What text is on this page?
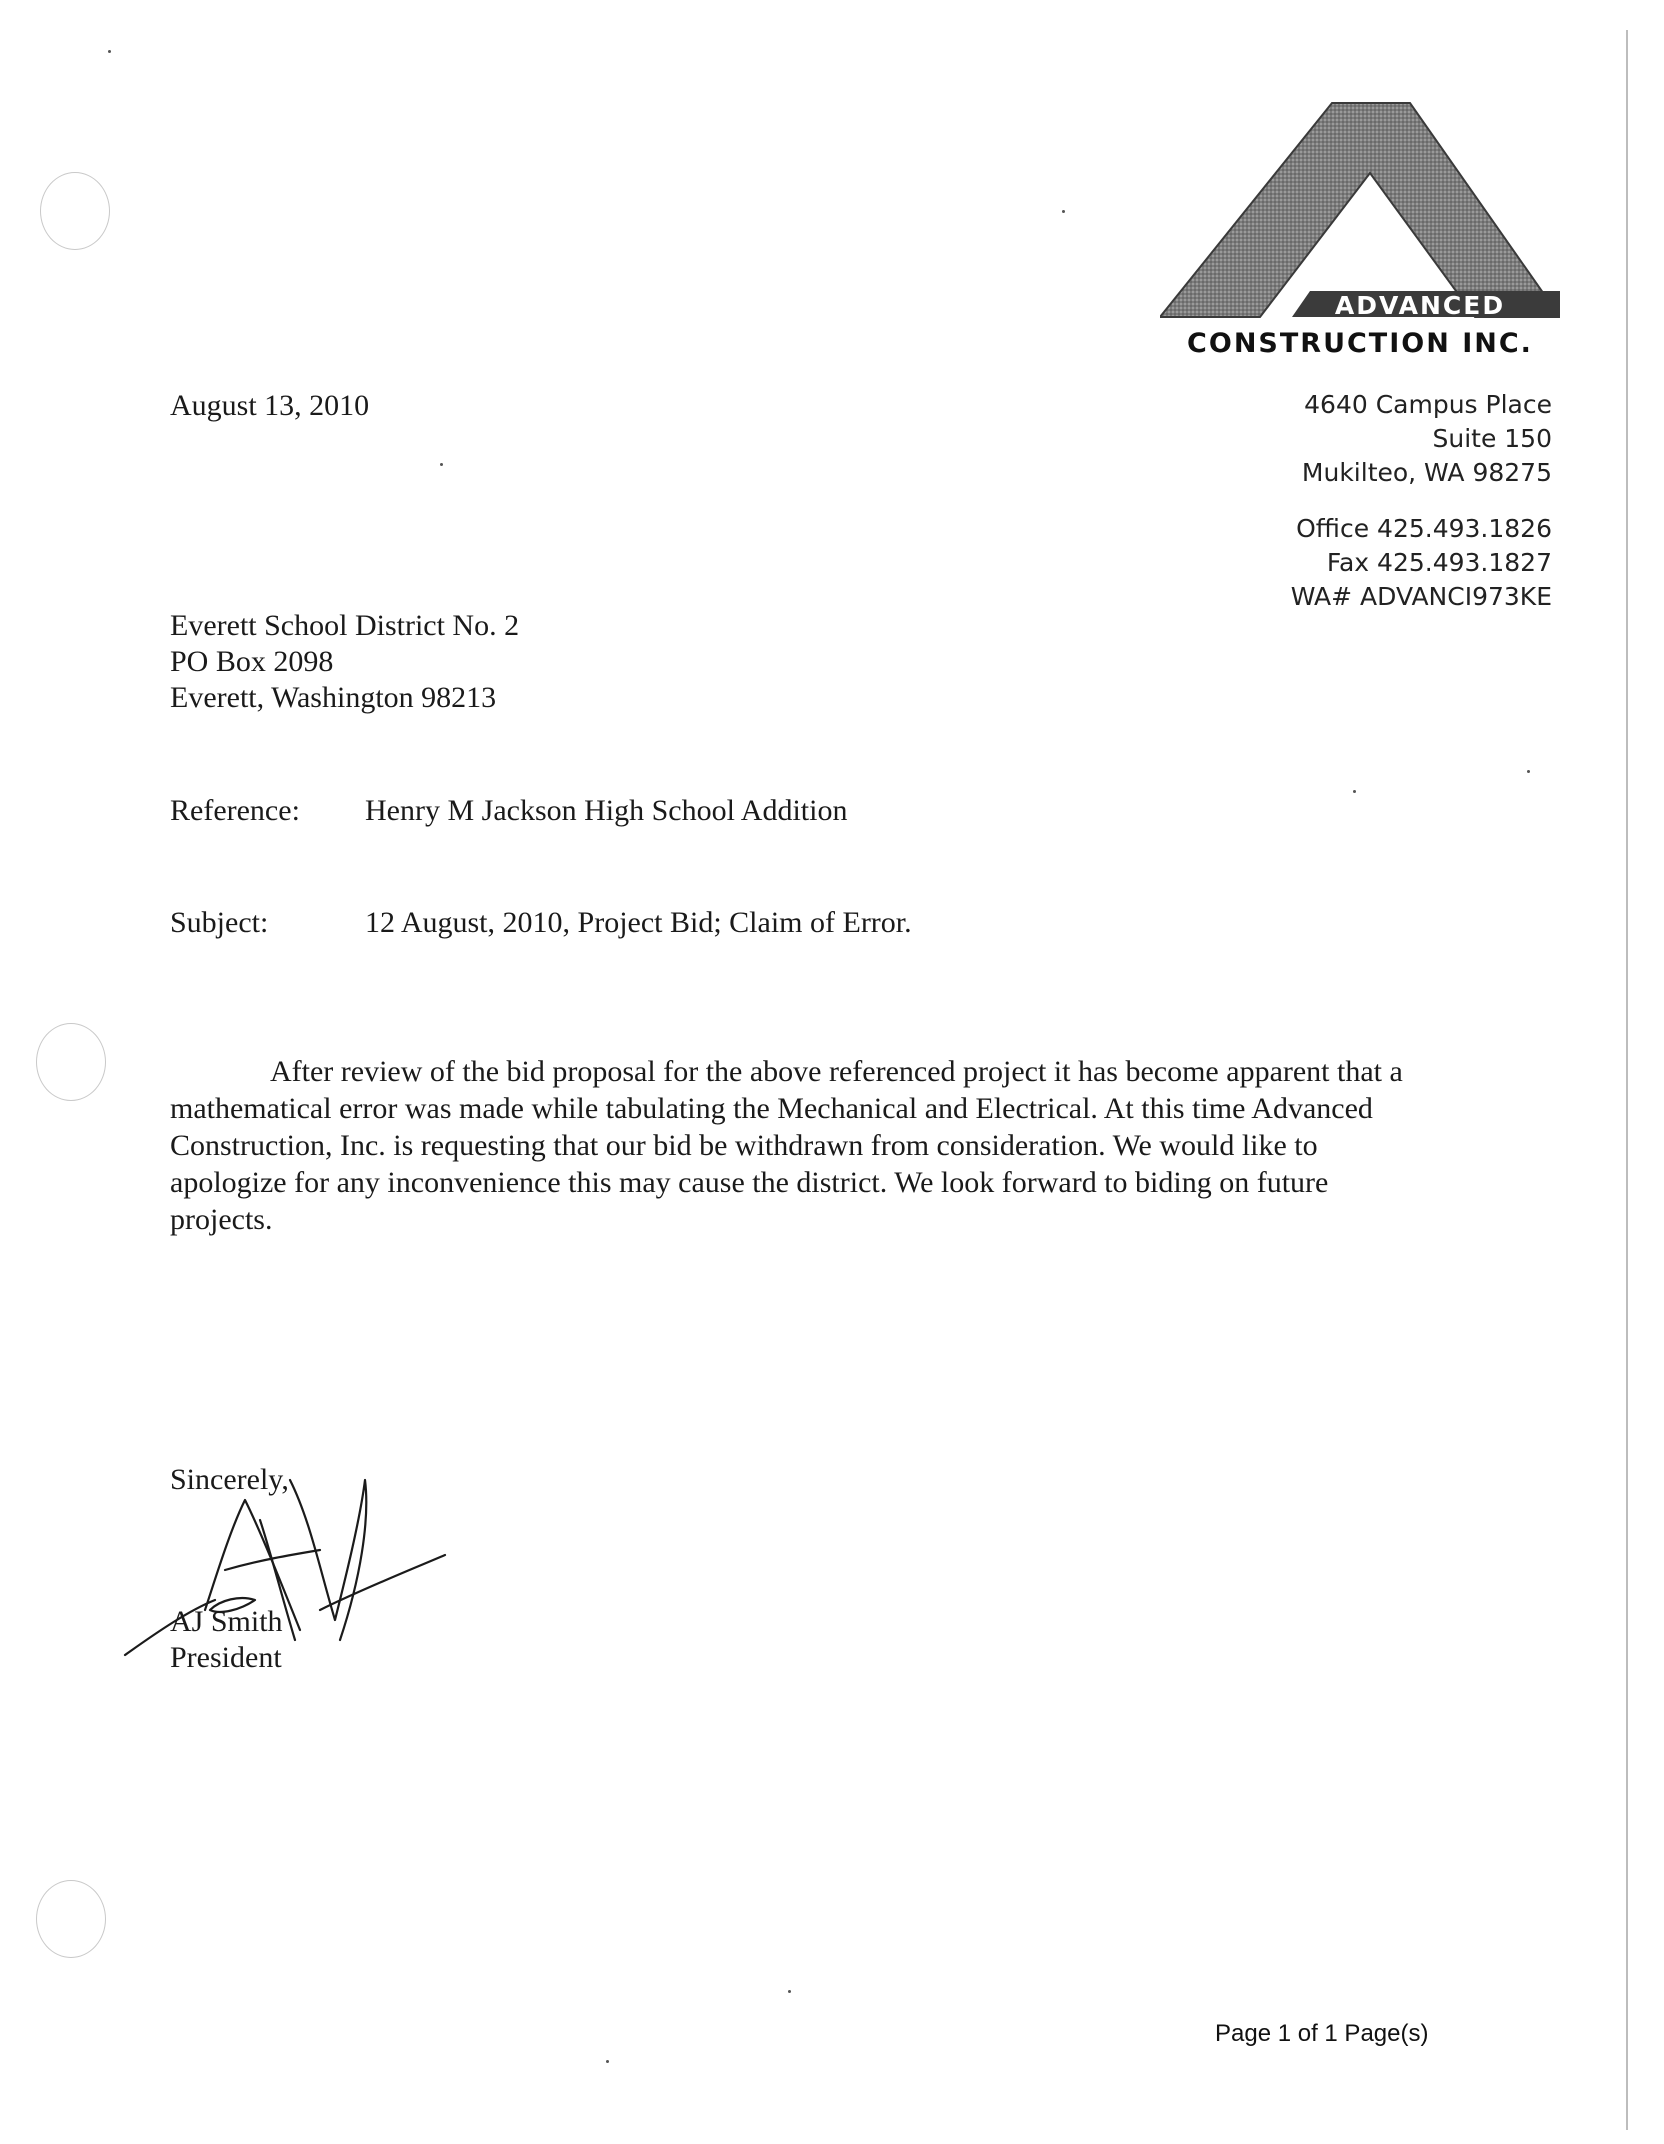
ADVANCED
CONSTRUCTION INC.
4640 Campus Place
Suite 150
Mukilteo, WA 98275
Office 425.493.1826
Fax 425.493.1827
WA# ADVANCI973KE
August 13, 2010
Everett School District No. 2
PO Box 2098
Everett, Washington 98213
Reference: Henry M Jackson High School Addition
Subject:	12 August, 2010, Project Bid; Claim of Error.
After review of the bid proposal for the above referenced project it has become apparent that a mathematical error was made while tabulating the Mechanical and Electrical. At this time Advanced Construction, Inc. is requesting that our bid be withdrawn from consideration. We would like to apologize for any inconvenience this may cause the district. We look forward to biding on future projects.
Sincerely,
AJ Smith
President
Page 1 of 1 Page(s)
